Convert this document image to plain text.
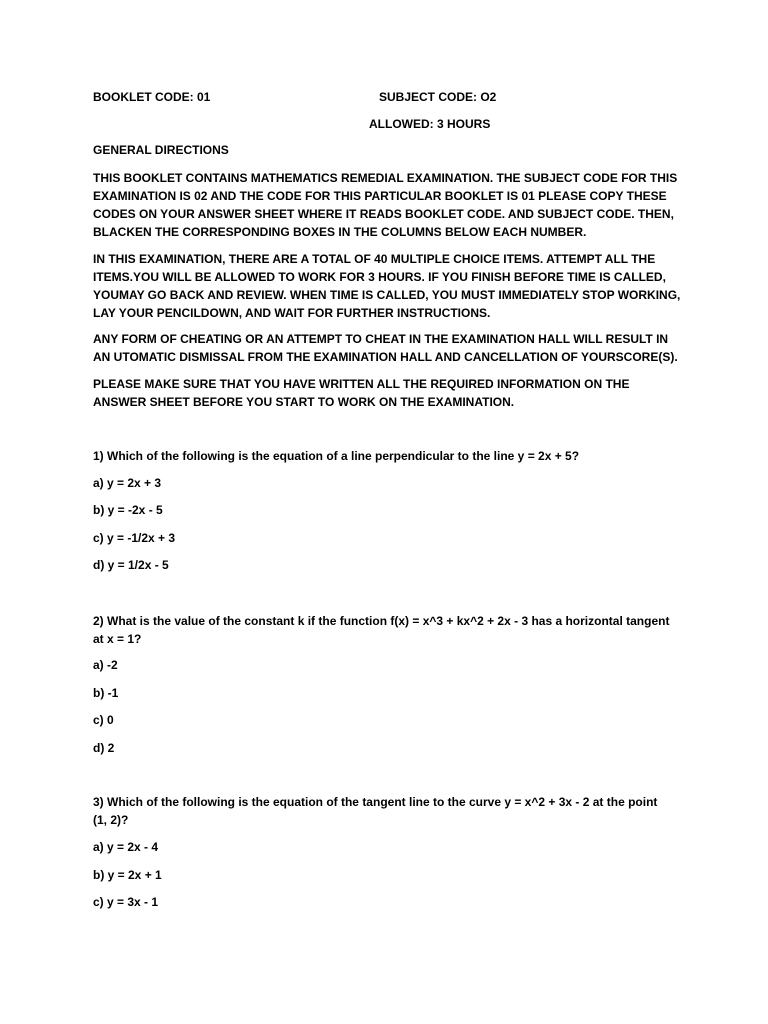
BOOKLET CODE: 01	SUBJECT CODE: O2
ALLOWED: 3 HOURS
GENERAL DIRECTIONS

THIS BOOKLET CONTAINS MATHEMATICS REMEDIAL EXAMINATION. THE SUBJECT CODE FOR THIS EXAMINATION IS 02 AND THE CODE FOR THIS PARTICULAR BOOKLET IS 01 PLEASE COPY THESE CODES ON YOUR ANSWER SHEET WHERE IT READS BOOKLET CODE. AND SUBJECT CODE. THEN, BLACKEN THE CORRESPONDING BOXES IN THE COLUMNS BELOW EACH NUMBER.

IN THIS EXAMINATION, THERE ARE A TOTAL OF 40 MULTIPLE CHOICE ITEMS. ATTEMPT ALL THE ITEMS.YOU WILL BE ALLOWED TO WORK FOR 3 HOURS. IF YOU FINISH BEFORE TIME IS CALLED, YOUMAY GO BACK AND REVIEW. WHEN TIME IS CALLED, YOU MUST IMMEDIATELY STOP WORKING, LAY YOUR PENCILDOWN, AND WAIT FOR FURTHER INSTRUCTIONS.

ANY FORM OF CHEATING OR AN ATTEMPT TO CHEAT IN THE EXAMINATION HALL WILL RESULT IN AN UTOMATIC DISMISSAL FROM THE EXAMINATION HALL AND CANCELLATION OF YOURSCORE(S).

PLEASE MAKE SURE THAT YOU HAVE WRITTEN ALL THE REQUIRED INFORMATION ON THE ANSWER SHEET BEFORE YOU START TO WORK ON THE EXAMINATION.

1) Which of the following is the equation of a line perpendicular to the line y = 2x + 5?

a) y = 2x + 3
b) y = -2x - 5
c) y = -1/2x + 3
d) y = 1/2x - 5

2) What is the value of the constant k if the function f(x) = x^3 + kx^2 + 2x - 3 has a horizontal tangent at x = 1?

a) -2
b) -1
c) 0
d) 2

3) Which of the following is the equation of the tangent line to the curve y = x^2 + 3x - 2 at the point (1, 2)?

a) y = 2x - 4
b) y = 2x + 1
c) y = 3x - 1
